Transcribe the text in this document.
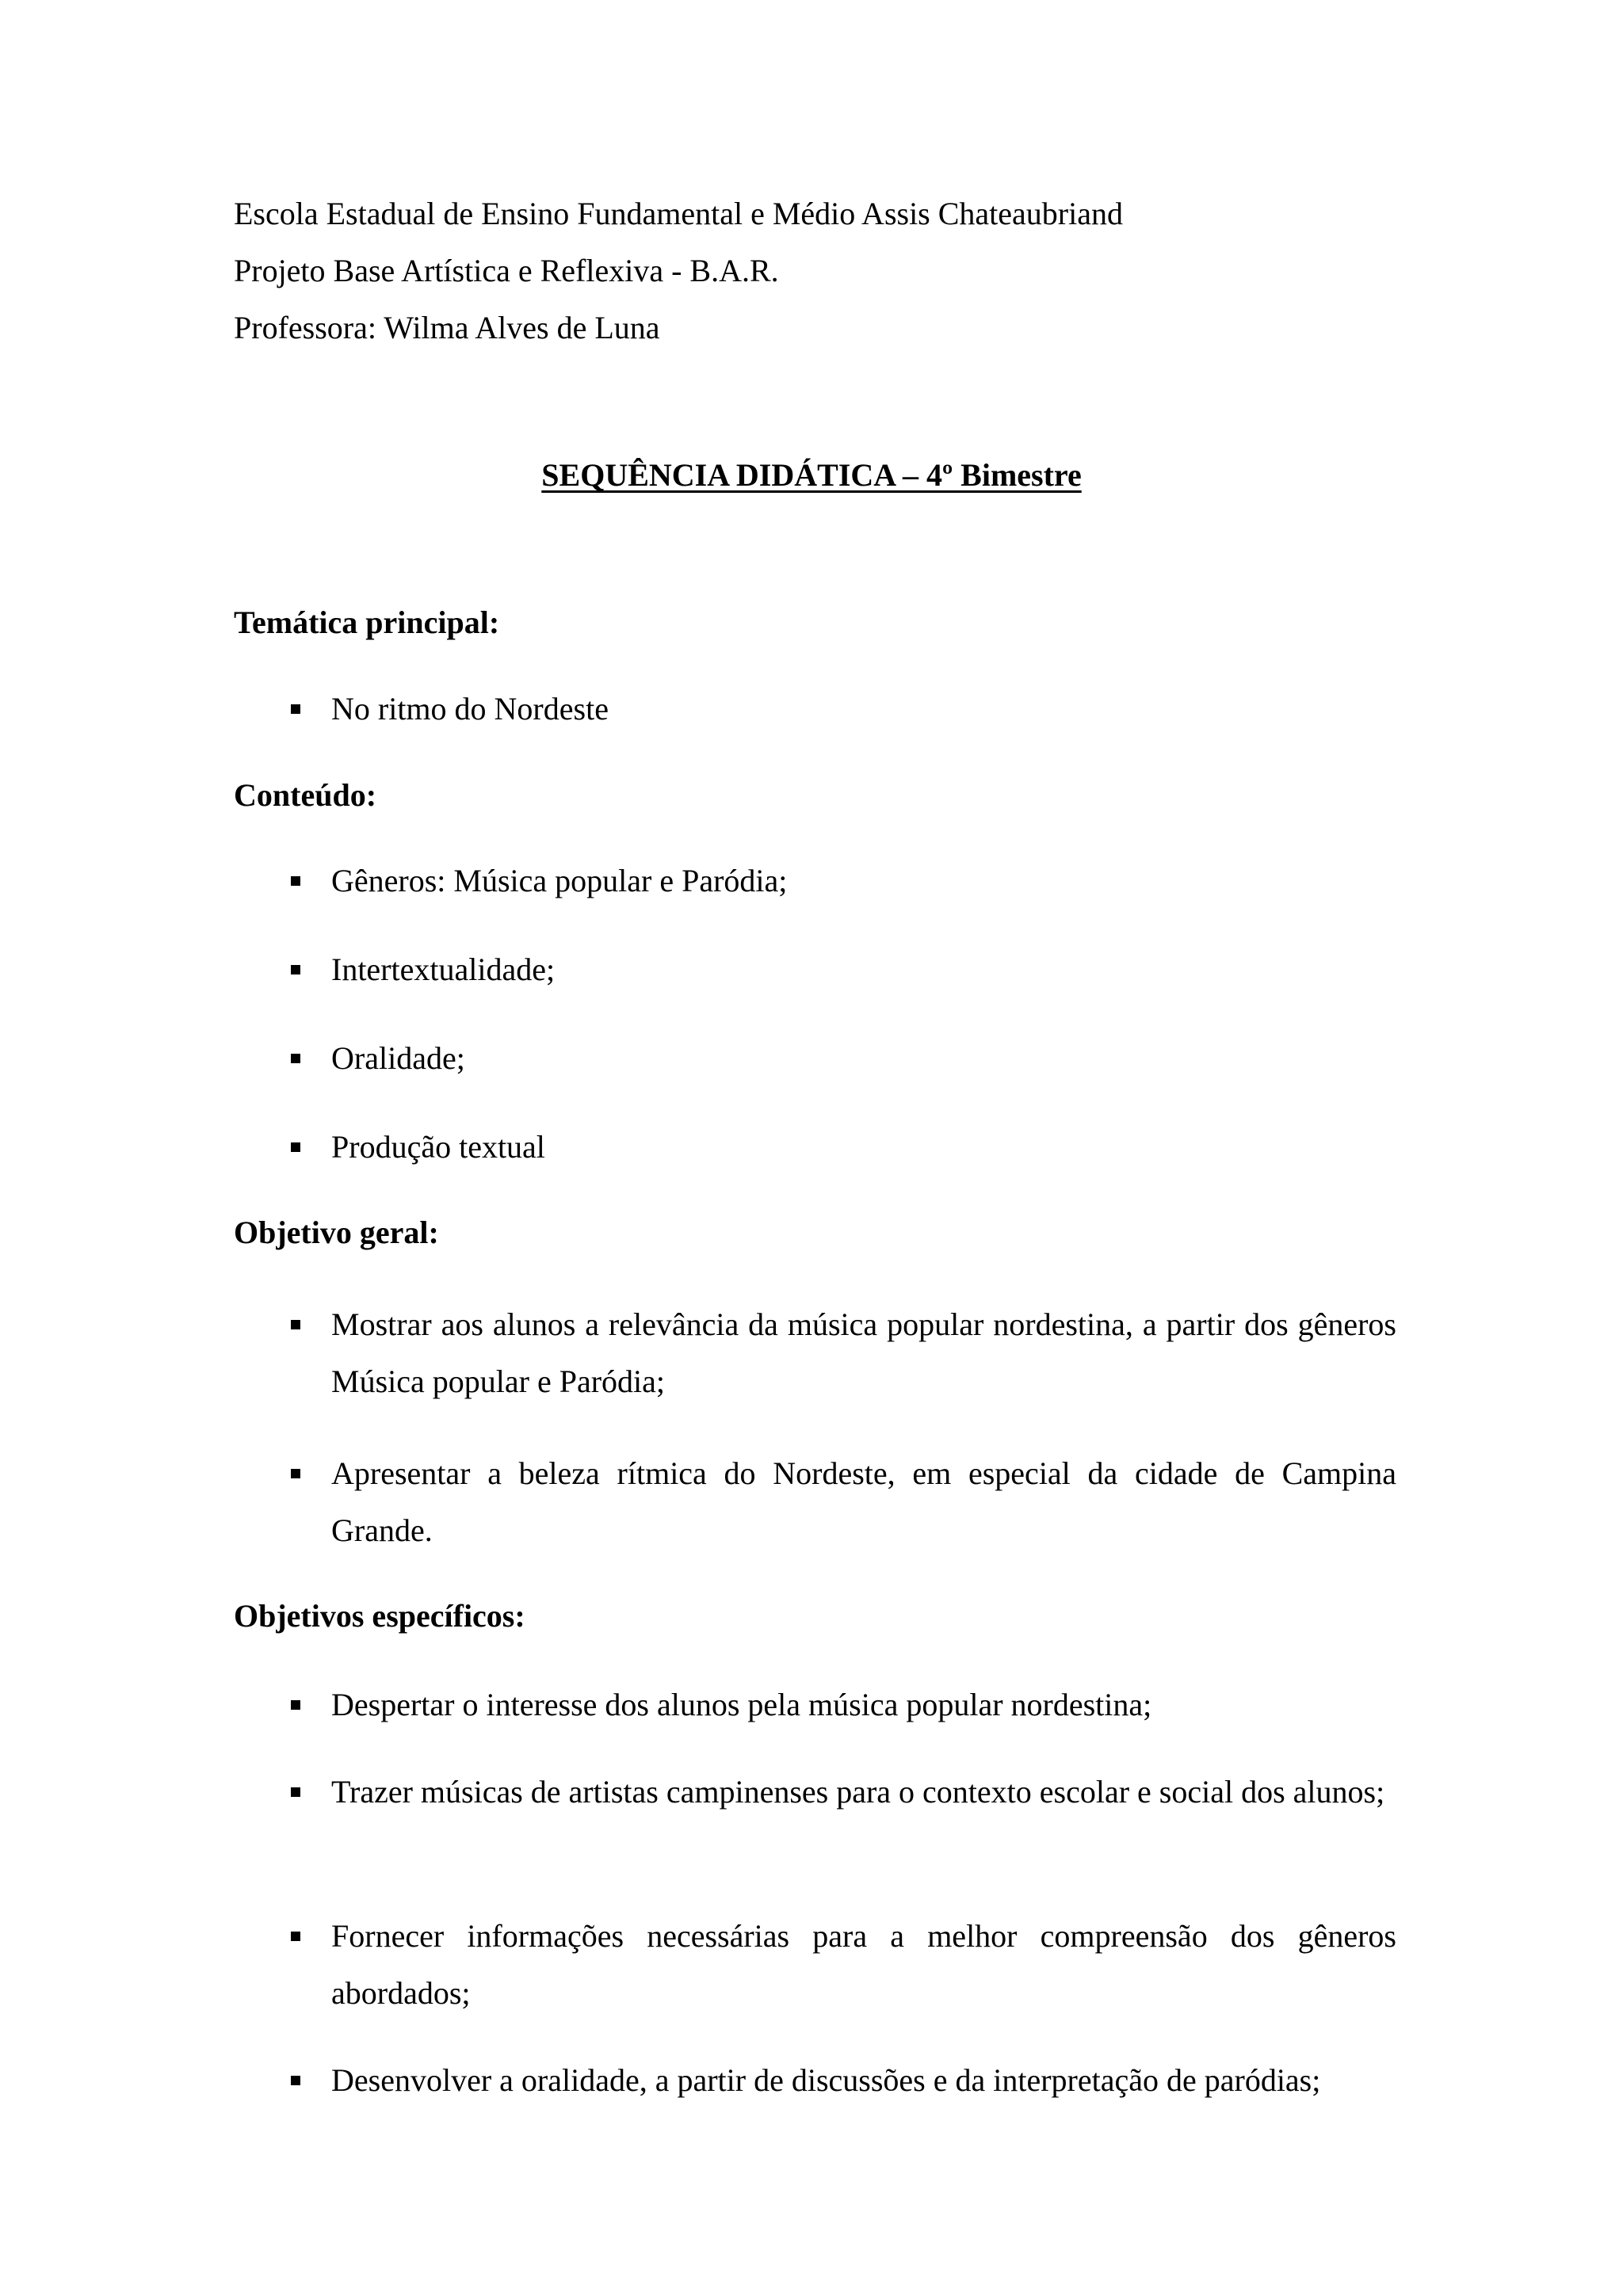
Escola Estadual de Ensino Fundamental e Médio Assis Chateaubriand
Projeto Base Artística e Reflexiva - B.A.R.
Professora: Wilma Alves de Luna
SEQUÊNCIA DIDÁTICA – 4º Bimestre
Temática principal:
No ritmo do Nordeste
Conteúdo:
Gêneros: Música popular e Paródia;
Intertextualidade;
Oralidade;
Produção textual
Objetivo geral:
Mostrar aos alunos a relevância da música popular nordestina, a partir dos gêneros Música popular e Paródia;
Apresentar a beleza rítmica do Nordeste, em especial da cidade de Campina Grande.
Objetivos específicos:
Despertar o interesse dos alunos pela música popular nordestina;
Trazer músicas de artistas campinenses para o contexto escolar e social dos alunos;
Fornecer informações necessárias para a melhor compreensão dos gêneros abordados;
Desenvolver a oralidade, a partir de discussões e da interpretação de paródias;
